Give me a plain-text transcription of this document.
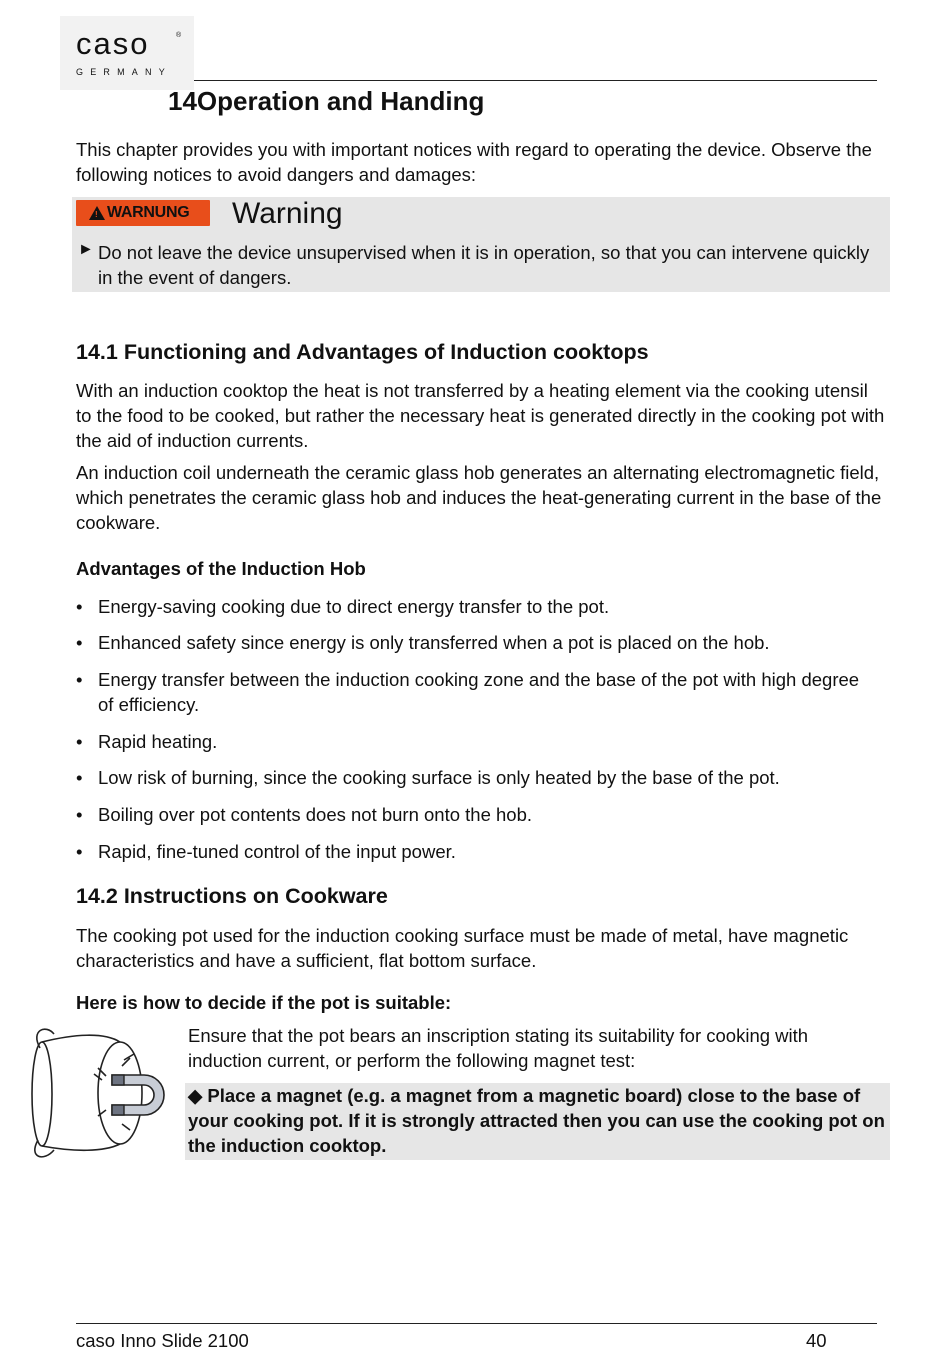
caso	®
GERMANY
14Operation and Handing
This chapter provides you with important notices with regard to operating the device. Observe the following notices to avoid dangers and damages:
! WARNUNG Warning
► Do not leave the device unsupervised when it is in operation, so that you can intervene quickly in the event of dangers.
14.1 Functioning and Advantages of Induction cooktops
With an induction cooktop the heat is not transferred by a heating element via the cooking utensil to the food to be cooked, but rather the necessary heat is generated directly in the cooking pot with the aid of induction currents.
An induction coil underneath the ceramic glass hob generates an alternating electromagnetic field, which penetrates the ceramic glass hob and induces the heat-generating current in the base of the cookware.
Advantages of the Induction Hob
• Energy-saving cooking due to direct energy transfer to the pot.
• Enhanced safety since energy is only transferred when a pot is placed on the hob.
• Energy transfer between the induction cooking zone and the base of the pot with high degree of efficiency.
• Rapid heating.
• Low risk of burning, since the cooking surface is only heated by the base of the pot.
• Boiling over pot contents does not burn onto the hob.
• Rapid, fine-tuned control of the input power.
14.2 Instructions on Cookware
The cooking pot used for the induction cooking surface must be made of metal, have magnetic characteristics and have a sufficient, flat bottom surface.
Here is how to decide if the pot is suitable:
Ensure that the pot bears an inscription stating its suitability for cooking with induction current, or perform the following magnet test:
◆ Place a magnet (e.g. a magnet from a magnetic board) close to the base of your cooking pot. If it is strongly attracted then you can use the cooking pot on the induction cooktop.
caso Inno Slide 2100	40
